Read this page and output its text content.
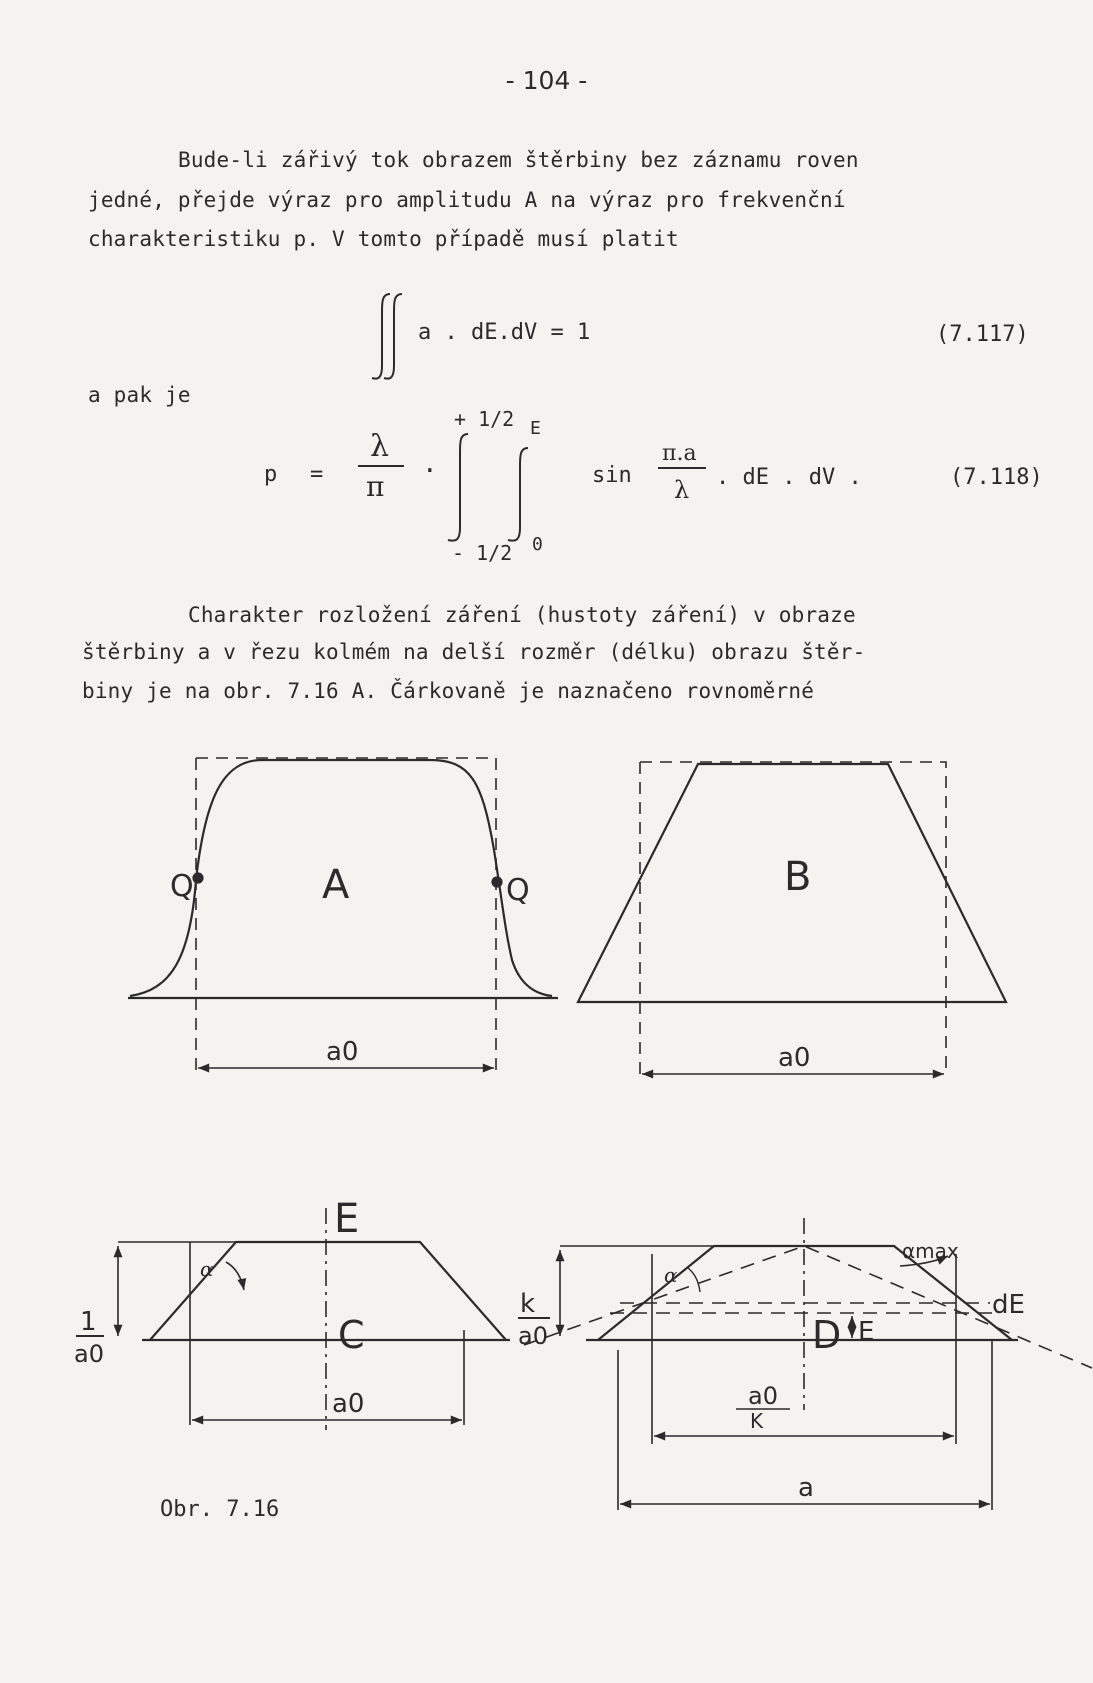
- 104 -
Bude-li zářivý tok obrazem štěrbiny bez záznamu roven
jedné, přejde výraz pro amplitudu A na výraz pro frekvenční
charakteristiku p. V tomto případě musí platit
a . dE.dV = 1	(7.117)
a pak je
p =
λ
π
.
+ 1/2
- 1/2
E
0
sin
π.a
λ . dE . dV .	(7.118)
Charakter rozložení záření (hustoty záření) v obraze
štěrbiny a v řezu kolmém na delší rozměr (délku) obrazu štěr-
biny je na obr. 7.16 A. Čárkovaně je naznačeno rovnoměrné
Q	Q
A
a0
B
a0
E
C
α
1
a0
a0
D
α
αmax
k
a0
dE
E
a0
K
a
Obr. 7.16
